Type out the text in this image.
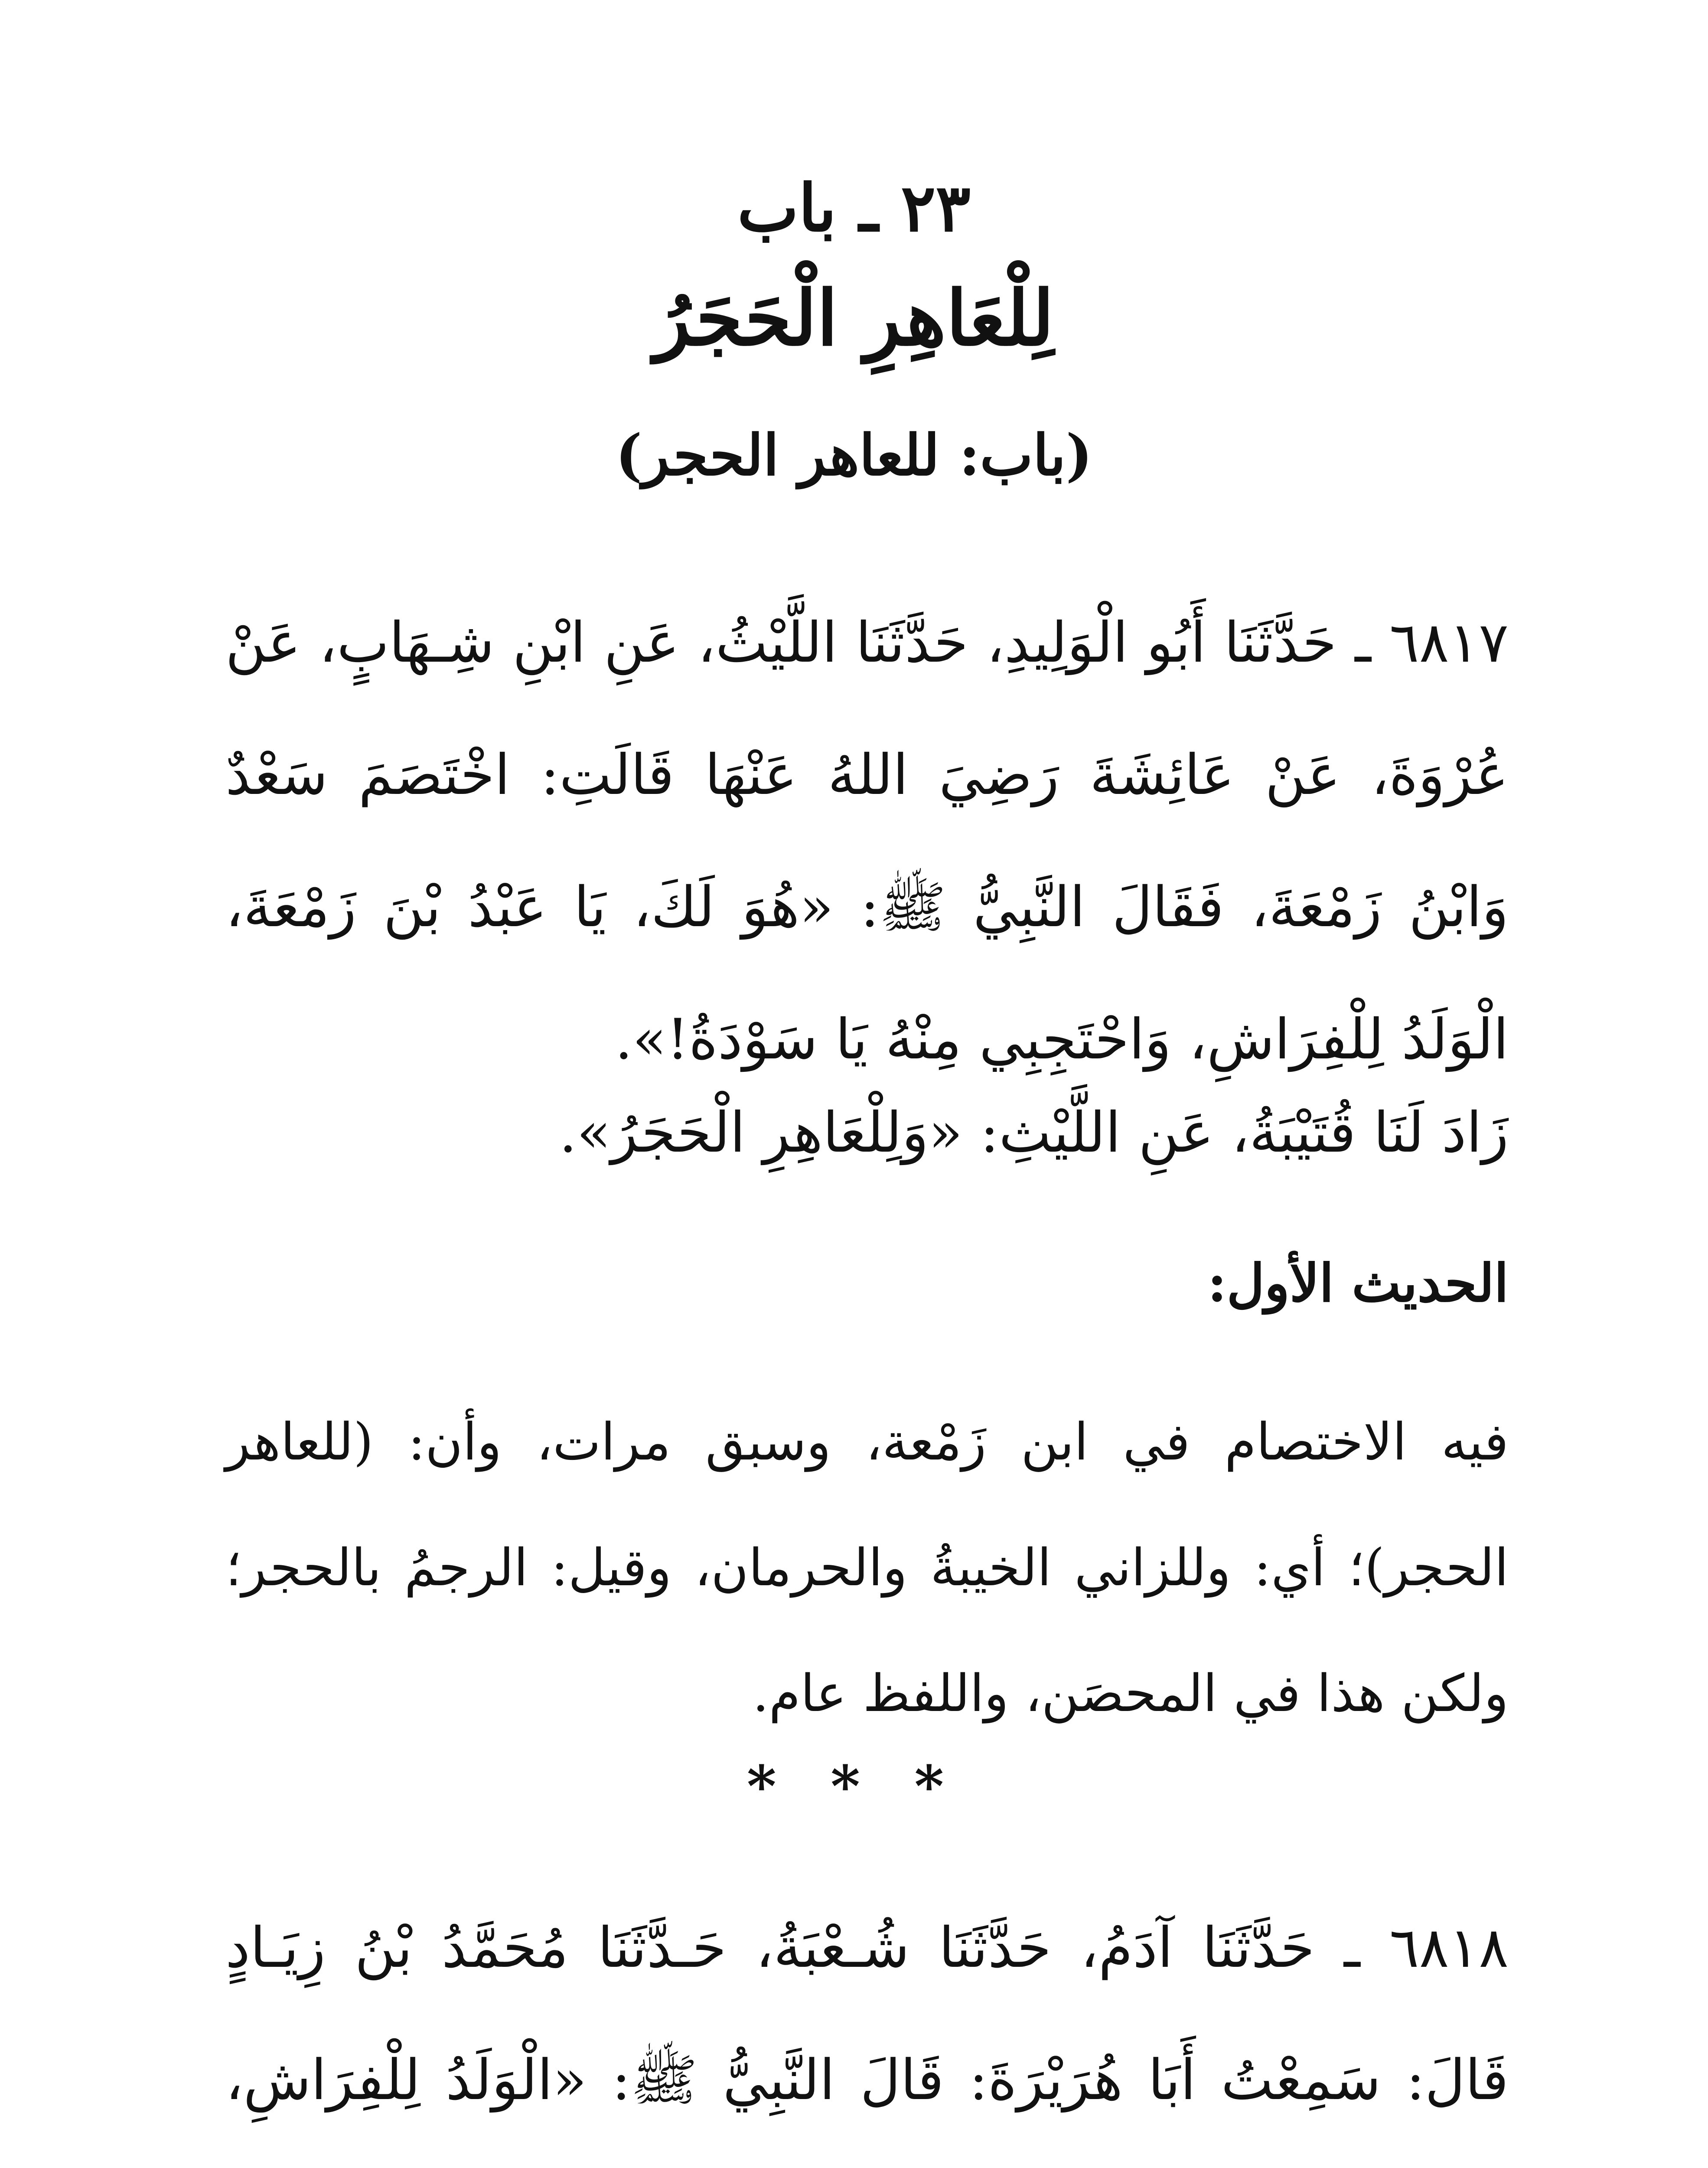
٢٣ ـ باب
لِلْعَاهِرِ الْحَجَرُ
(باب: للعاهر الحجر)
٦٨١٧ ـ حَدَّثَنَا أَبُو الْوَلِيدِ، حَدَّثَنَا اللَّيْثُ، عَنِ ابْنِ شِـهَابٍ، عَنْ عُرْوَةَ، عَنْ عَائِشَةَ رَضِيَ اللهُ عَنْهَا قَالَتِ: اخْتَصَمَ سَعْدٌ وَابْنُ زَمْعَةَ، فَقَالَ النَّبِيُّ ﷺ: «هُوَ لَكَ، يَا عَبْدُ بْنَ زَمْعَةَ، الْوَلَدُ لِلْفِرَاشِ، وَاحْتَجِبِي مِنْهُ يَا سَوْدَةُ!».
زَادَ لَنَا قُتَيْبَةُ، عَنِ اللَّيْثِ: «وَلِلْعَاهِرِ الْحَجَرُ».
الحديث الأول:
فيه الاختصام في ابن زَمْعة، وسبق مرات، وأن: (للعاهر الحجر)؛ أي: وللزاني الخيبةُ والحرمان، وقيل: الرجمُ بالحجر؛ ولكن هذا في المحصَن، واللفظ عام.
* * *
٦٨١٨ ـ حَدَّثَنَا آدَمُ، حَدَّثَنَا شُـعْبَةُ، حَـدَّثَنَا مُحَمَّدُ بْنُ زِيَـادٍ قَالَ: سَمِعْتُ أَبَا هُرَيْرَةَ: قَالَ النَّبِيُّ ﷺ: «الْوَلَدُ لِلْفِرَاشِ،
